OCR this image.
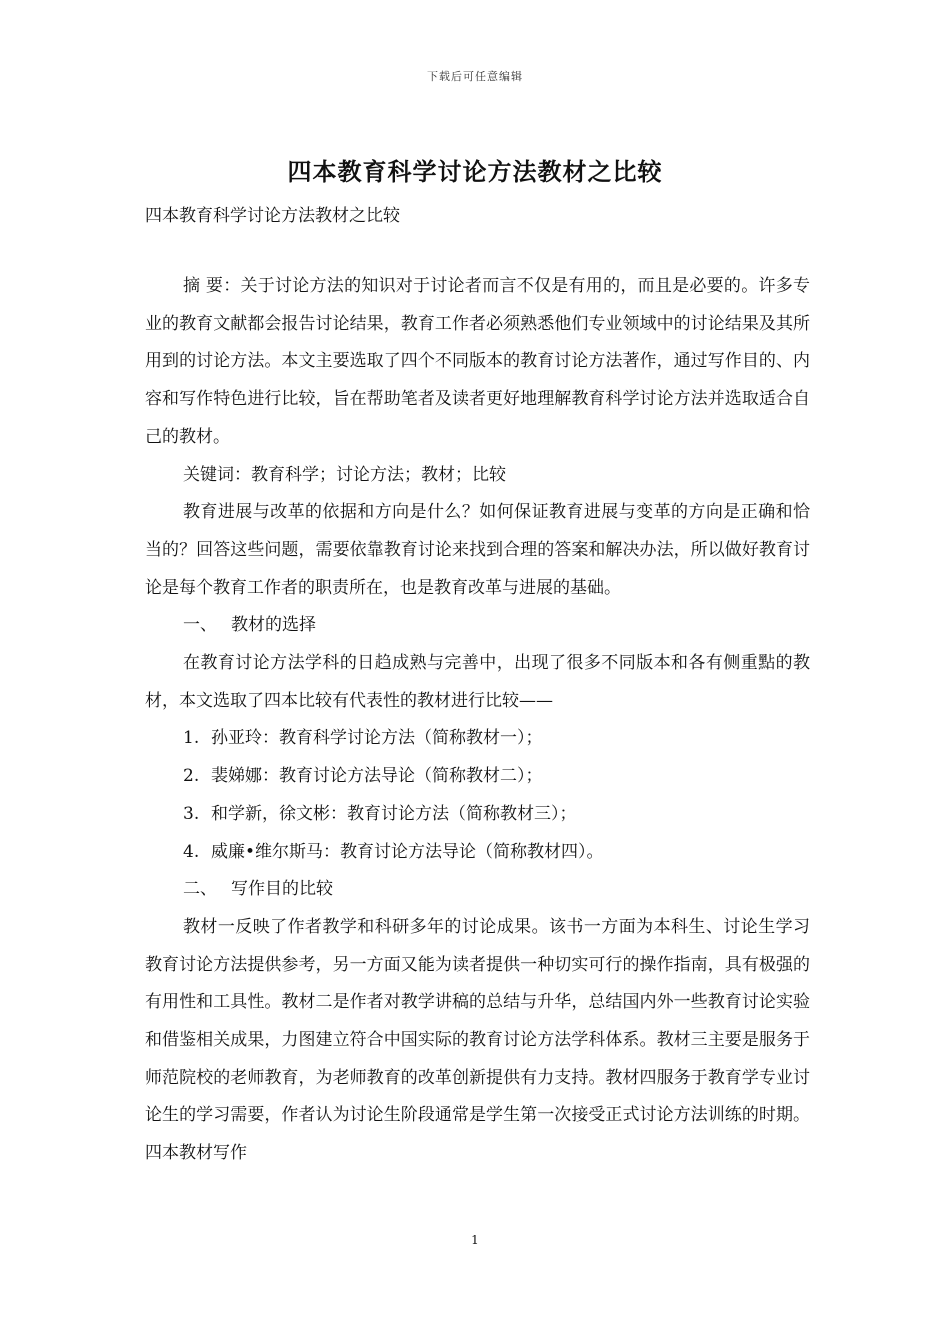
下载后可任意编辑
四本教育科学讨论方法教材之比较
四本教育科学讨论方法教材之比较

摘 要：关于讨论方法的知识对于讨论者而言不仅是有用的，而且是必要的。许多专业的教育文献都会报告讨论结果，教育工作者必须熟悉他们专业领域中的讨论结果及其所用到的讨论方法。本文主要选取了四个不同版本的教育讨论方法著作，通过写作目的、内容和写作特色进行比较，旨在帮助笔者及读者更好地理解教育科学讨论方法并选取适合自己的教材。

关键词：教育科学；讨论方法；教材；比较

教育进展与改革的依据和方向是什么？如何保证教育进展与变革的方向是正确和恰当的？回答这些问题，需要依靠教育讨论来找到合理的答案和解决办法，所以做好教育讨论是每个教育工作者的职责所在，也是教育改革与进展的基础。

一、 教材的选择

在教育讨论方法学科的日趋成熟与完善中，出现了很多不同版本和各有侧重點的教材，本文选取了四本比较有代表性的教材进行比较——

1. 孙亚玲：教育科学讨论方法（简称教材一）；
2. 裴娣娜：教育讨论方法导论（简称教材二）；
3. 和学新，徐文彬：教育讨论方法（简称教材三）；
4. 威廉•维尔斯马：教育讨论方法导论（简称教材四）。

二、 写作目的比较

教材一反映了作者教学和科研多年的讨论成果。该书一方面为本科生、讨论生学习教育讨论方法提供参考，另一方面又能为读者提供一种切实可行的操作指南，具有极强的有用性和工具性。教材二是作者对教学讲稿的总结与升华，总结国内外一些教育讨论实验和借鉴相关成果，力图建立符合中国实际的教育讨论方法学科体系。教材三主要是服务于师范院校的老师教育，为老师教育的改革创新提供有力支持。教材四服务于教育学专业讨论生的学习需要，作者认为讨论生阶段通常是学生第一次接受正式讨论方法训练的时期。四本教材写作

1
